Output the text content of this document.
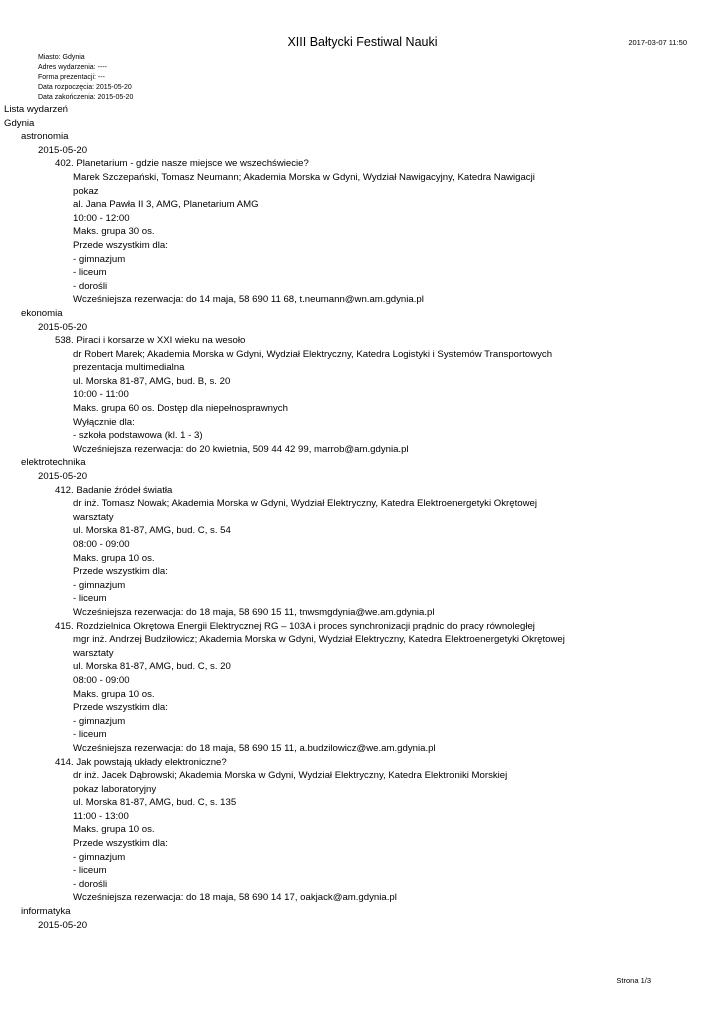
XIII Bałtycki Festiwal Nauki	2017-03-07 11:50
Miasto: Gdynia
Adres wydarzenia: ----
Forma prezentacji: ---
Data rozpoczęcia: 2015-05-20
Data zakończenia: 2015-05-20
Lista wydarzeń
Gdynia
astronomia
2015-05-20
402. Planetarium - gdzie nasze miejsce we wszechświecie?
Marek Szczepański, Tomasz Neumann; Akademia Morska w Gdyni, Wydział Nawigacyjny, Katedra Nawigacji
pokaz
al. Jana Pawła II 3, AMG, Planetarium AMG
10:00 - 12:00
Maks. grupa 30 os.
Przede wszystkim dla:
- gimnazjum
- liceum
- dorośli
Wcześniejsza rezerwacja: do 14 maja, 58 690 11 68, t.neumann@wn.am.gdynia.pl
ekonomia
2015-05-20
538. Piraci i korsarze w XXI wieku na wesoło
dr Robert Marek; Akademia Morska w Gdyni, Wydział Elektryczny, Katedra Logistyki i Systemów Transportowych
prezentacja multimedialna
ul. Morska 81-87, AMG, bud. B, s. 20
10:00 - 11:00
Maks. grupa 60 os. Dostęp dla niepełnosprawnych
Wyłącznie dla:
- szkoła podstawowa (kl. 1 - 3)
Wcześniejsza rezerwacja: do 20 kwietnia, 509 44 42 99, marrob@am.gdynia.pl
elektrotechnika
2015-05-20
412. Badanie źródeł światła
dr inż. Tomasz Nowak; Akademia Morska w Gdyni, Wydział Elektryczny, Katedra Elektroenergetyki Okrętowej
warsztaty
ul. Morska 81-87, AMG, bud. C, s. 54
08:00 - 09:00
Maks. grupa 10 os.
Przede wszystkim dla:
- gimnazjum
- liceum
Wcześniejsza rezerwacja: do 18 maja, 58 690 15 11, tnwsmgdynia@we.am.gdynia.pl
415. Rozdzielnica Okrętowa Energii Elektrycznej RG – 103A i proces synchronizacji prądnic do pracy równoległej
mgr inż. Andrzej Budziłowicz; Akademia Morska w Gdyni, Wydział Elektryczny, Katedra Elektroenergetyki Okrętowej
warsztaty
ul. Morska 81-87, AMG, bud. C, s. 20
08:00 - 09:00
Maks. grupa 10 os.
Przede wszystkim dla:
- gimnazjum
- liceum
Wcześniejsza rezerwacja: do 18 maja, 58 690 15 11, a.budzilowicz@we.am.gdynia.pl
414. Jak powstają układy elektroniczne?
dr inż. Jacek Dąbrowski; Akademia Morska w Gdyni, Wydział Elektryczny, Katedra Elektroniki Morskiej
pokaz laboratoryjny
ul. Morska 81-87, AMG, bud. C, s. 135
11:00 - 13:00
Maks. grupa 10 os.
Przede wszystkim dla:
- gimnazjum
- liceum
- dorośli
Wcześniejsza rezerwacja: do 18 maja, 58 690 14 17, oakjack@am.gdynia.pl
informatyka
2015-05-20
Strona 1/3
